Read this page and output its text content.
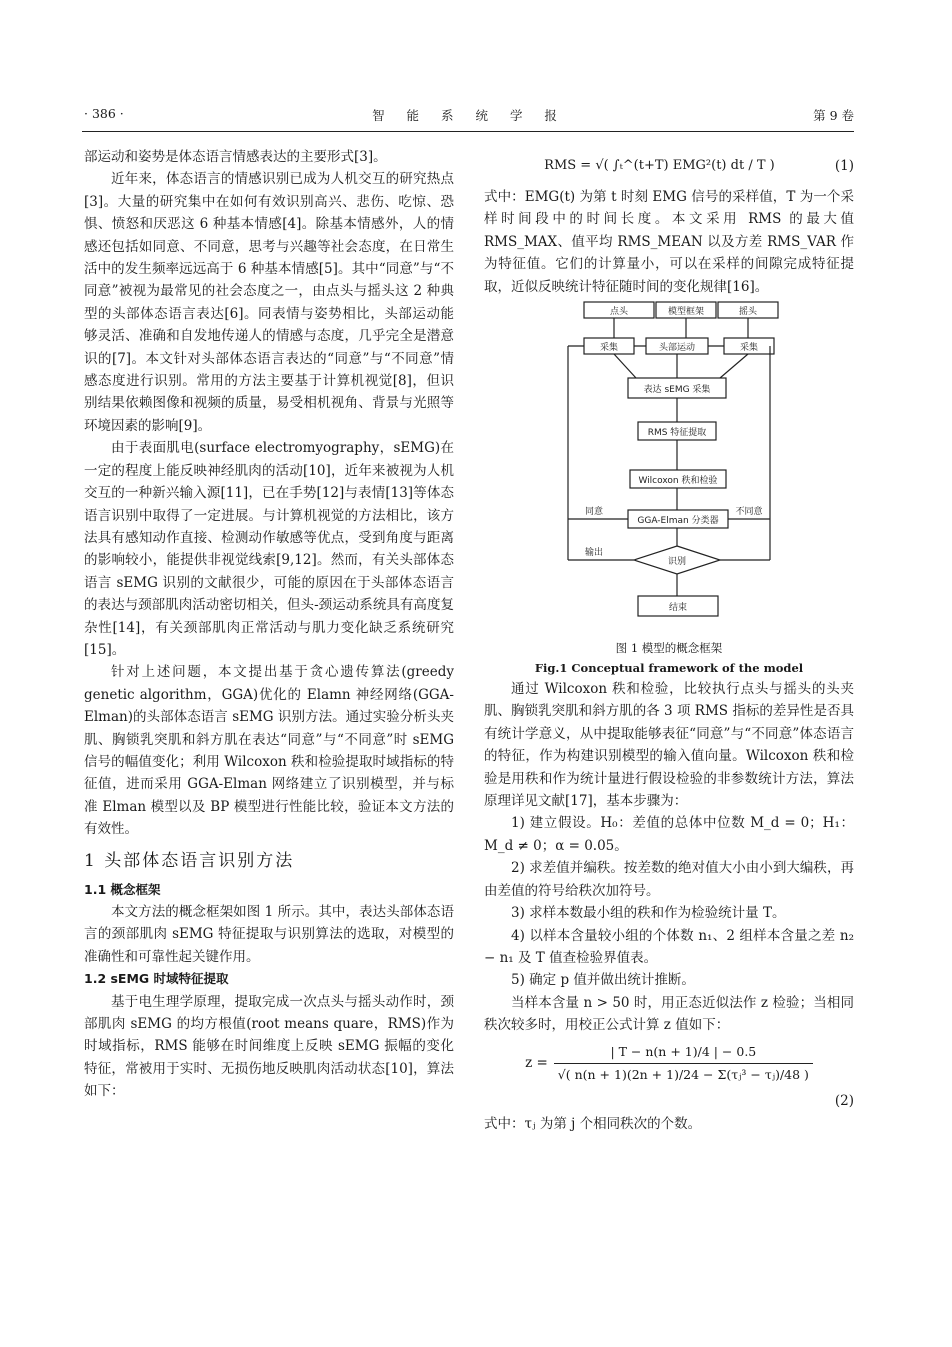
· 386 ·	智 能 系 统 学 报	第 9 卷

部运动和姿势是体态语言情感表达的主要形式[3]。

近年来，体态语言的情感识别已成为人机交互的研究热点[3]。大量的研究集中在如何有效识别高兴、悲伤、吃惊、恐惧、愤怒和厌恶这 6 种基本情感[4]。除基本情感外，人的情感还包括如同意、不同意，思考与兴趣等社会态度，在日常生活中的发生频率远远高于 6 种基本情感[5]。其中“同意”与“不同意”被视为最常见的社会态度之一，由点头与摇头这 2 种典型的头部体态语言表达[6]。同表情与姿势相比，头部运动能够灵活、准确和自发地传递人的情感与态度，几乎完全是潜意识的[7]。本文针对头部体态语言表达的“同意”与“不同意”情感态度进行识别。常用的方法主要基于计算机视觉[8]，但识别结果依赖图像和视频的质量，易受相机视角、背景与光照等环境因素的影响[9]。

由于表面肌电(surface electromyography，sEMG)在一定的程度上能反映神经肌肉的活动[10]，近年来被视为人机交互的一种新兴输入源[11]，已在手势[12]与表情[13]等体态语言识别中取得了一定进展。与计算机视觉的方法相比，该方法具有感知动作直接、检测动作敏感等优点，受到角度与距离的影响较小，能提供非视觉线索[9,12]。然而，有关头部体态语言 sEMG 识别的文献很少，可能的原因在于头部体态语言的表达与颈部肌肉活动密切相关，但头-颈运动系统具有高度复杂性[14]，有关颈部肌肉正常活动与肌力变化缺乏系统研究[15]。

针对上述问题，本文提出基于贪心遗传算法(greedy genetic algorithm，GGA)优化的 Elamn 神经网络(GGA-Elman)的头部体态语言 sEMG 识别方法。通过实验分析头夹肌、胸锁乳突肌和斜方肌在表达“同意”与“不同意”时 sEMG 信号的幅值变化；利用 Wilcoxon 秩和检验提取时域指标的特征值，进而采用 GGA-Elman 网络建立了识别模型，并与标准 Elman 模型以及 BP 模型进行性能比较，验证本文方法的有效性。

1 头部体态语言识别方法
1.1 概念框架

本文方法的概念框架如图 1 所示。其中，表达头部体态语言的颈部肌肉 sEMG 特征提取与识别算法的选取，对模型的准确性和可靠性起关键作用。

1.2 sEMG 时域特征提取

基于电生理学原理，提取完成一次点头与摇头动作时，颈部肌肉 sEMG 的均方根值(root means quare，RMS)作为时域指标，RMS 能够在时间维度上反映 sEMG 振幅的变化特征，常被用于实时、无损伤地反映肌肉活动状态[10]，算法如下：

RMS = √( ∫ₜ^(t+T) EMG²(t) dt / T )	(1)

式中：EMG(t) 为第 t 时刻 EMG 信号的采样值，T 为一个采样时间段中的时间长度。本文采用 RMS 的最大值 RMS_MAX、值平均 RMS_MEAN 以及方差 RMS_VAR 作为特征值。它们的计算量小，可以在采样的间隙完成特征提取，近似反映统计特征随时间的变化规律[16]。

点头	模型框架	摇头
采集	头部运动	采集
表达 sEMG 采集
RMS 特征提取
Wilcoxon 秩和检验
GGA-Elman 分类器
同意	不同意
输出
识别
结束
图 1 模型的概念框架
Fig.1 Conceptual framework of the model

通过 Wilcoxon 秩和检验，比较执行点头与摇头的头夹肌、胸锁乳突肌和斜方肌的各 3 项 RMS 指标的差异性是否具有统计学意义，从中提取能够表征“同意”与“不同意”体态语言的特征，作为构建识别模型的输入值向量。Wilcoxon 秩和检验是用秩和作为统计量进行假设检验的非参数统计方法，算法原理详见文献[17]，基本步骤为：

1) 建立假设。H₀：差值的总体中位数 M_d = 0；H₁：M_d ≠ 0；α = 0.05。

2) 求差值并编秩。按差数的绝对值大小由小到大编秩，再由差值的符号给秩次加符号。

3) 求样本数最小组的秩和作为检验统计量 T。

4) 以样本含量较小组的个体数 n₁、2 组样本含量之差 n₂ − n₁ 及 T 值查检验界值表。

5) 确定 p 值并做出统计推断。

当样本含量 n > 50 时，用正态近似法作 z 检验；当相同秩次较多时，用校正公式计算 z 值如下：

$z = \frac{| T - n(n + 1)/4 | - 0.5}{\text{√( n(n + 1)(2n + 1)/24 − Σ(τⱼ³ − τⱼ)/48 )}}$
(2)

式中：τⱼ 为第 j 个相同秩次的个数。
